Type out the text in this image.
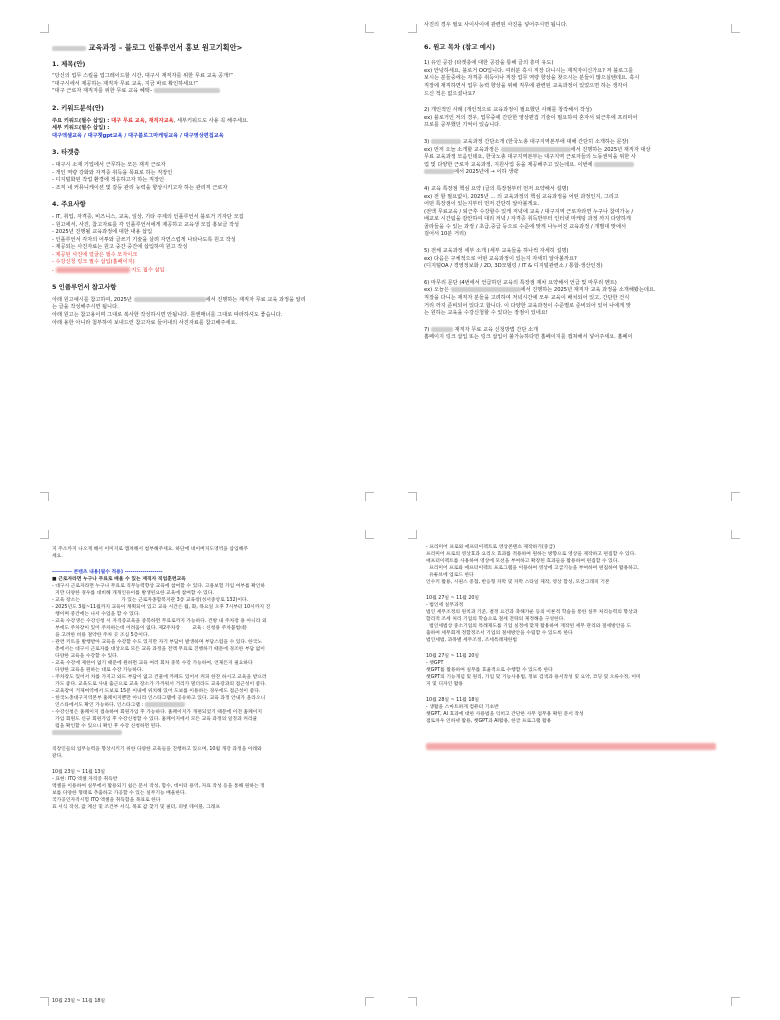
교육과정 – 블로그 인플루언서 홍보 원고기획안>
1. 제목(안)
“당신의 업무 스킬을 업그레이드할 시간, 대구시 재직자를 위한 무료 교육 공개!”
“대구시에서 제공하는 재직자 무료 교육, 지금 바로 확인하세요!”
“대구 근로자 재직자를 위한 무료 교육 혜택–
2. 키워드분석(안)
주요 키워드(필수 삽입) : 대구 무료 교육, 재직자교육, 세부키워드도 사용 꼭 해주세요.
세부 키워드(필수 삽입) :
대구엑셀교육 / 대구챗gpt교육 / 대구블로그마케팅교육 / 대구영상편집교육
3. 타겟층
- 대구시 소재 기업에서 근무하는 모든 재직 근로자
- 개인 역량 강화와 자격증 취득을 목표로 하는 직장인
- 디지털화된 작업 환경에 적응하고자 하는 직장인
- 조직 내 커뮤니케이션 및 갈등 관리 능력을 향상시키고자 하는 관리직 근로자
4. 주요사항
- IT, 취업, 자격증, 비즈니스, 교육, 일상, 기타 주제의 인플루언서 블로거 기자단 모집
- 원고에서, 사진, 참고자료를 각 인플루언서에게 제공하고 교육생 모집 홍보글 작성
- 2025년 진행될 교육과정에 대한 내용 삽입
- 인플루언서 각자의 어투와 글쓰기 기술을 살려 자연스럽게 나타나도록 원고 작성
- 제공되는 사진자료는 원고 중간 중간에 삽입하여 원고 작성
- 제공된 사진에 얼굴은 필수 모자이크
- 수강신청 링크 필수 삽입(홈페이지)
-	지도 필수 삽입
5 인플루언서 참고사항
아래 원고예시를 참고하여, 2025년	에서 진행하는 재직자 무료 교육 과정을 알리
는 글을 작성해주시면 됩니다.
아래 원고는 참고용이며 그대로 복사한 작성하시면 안됩니다. 톤앤매너를 그대로 따라하셔도 좋습니다.
아래 용한 아니라 첨부하여 보내드린 참고자료 들어내의 사진자료를 참고해주세요.
사진의 경우 필요 사이사이에 관련된 사진을 넣어주시면 됩니다.
6. 원고 목차 (참고 예시)
1) 유인 공감 (타겟층에 대한 공감을 통해 글의 흥미 유도)
ex) 안녕하세요, 블로거 OO입니다. 여러분 혹시 직장 다니시는 재직자이신가요? 저 블로그를
보시는 분들중에는 자격증 취득이나 직장 업무 역량 향상을 찾으시는 분들이 많으실텐데요. 혹시
직장에 재직하면서 업무 능력 향상을 위해 직무에 관련된 교육과정이 있었으면 하는 생각이
드신 적은 없으셨나요?
2) 개인적인 사례 (개인적으로 교육과정이 필요했던 사례를 창작해서 작성)
ex) 블로거인 저의 경우, 업무중에 간단한 영상편집 기술이 필요하여 혼자서 퇴근후에 프리미어
프로를 공부했던 기억이 있습니다.
3)	교육과정 간단소개 (한국노총 대구지역본부에 대해 간단히 소개하는 문장)
ex) 먼저 오늘 소개할 교육과정은	에서 진행하는 2025년 재직자 대상
무료 교육과정 모음인데요, 한국노총 대구지역본부는 대구지역 근로자들의 노동권익을 위한 사
업 및 다양한 근로자 교육과정, 지원사업 등을 제공해주고 있는데요. 이번에
에서 2025년에 → 이하 생략
4) 교육 특장점 핵심 요약 (글의 특장점부터 먼저 요약해서 설명)
ex) 전 할 필요없이, 2025년 ... 의 교육과정의 핵심 교육과정을 어떤 과정인지, 그리고
어떤 특장점이 있는지부터 먼저 간단히 알아볼게요.
(전액 무료교육 / 퇴근후 수강할수 있게 저녁에 교육 / 대구지역 근로자라면 누구나 참여가능 /
배교로 시간팀을 감안하여 대리 저녁 / 자격증 취득반부터 인터넷 마케팅 과정 까지 다양하게
골라들을 수 있는 과정 / 초급,중급 등으로 수준에 맞게 나누어진 교육과정 / 개별대 맞에서
걸어서 10분 거리)
5) 전체 교육과정 세부 소개 (세부 교육들을 하나씩 자세히 설명)
ex) 다음은 구체적으로 어떤 교육과정이 있는지 자세히 알아볼까요?
(디지털OA / 경영정보화 / 2D, 3D모델링 / IT & 디지털관련소 / 통합·생산인정)
6) 마무리 문단 (4번에서 언급하던 교육의 특장점 재차 요약해서 언급 및 마무리 멘트)
ex) 오늘은	에서 진행하는 2025년 재직자 교육 과정을 소개해봤는데요.
직장을 다니는 재직자 분들을 고려하여 저녁시간에 모두 교육이 배치되어 있고, 간단한 건식
거리 까지 준비되어 있다고 합니다. 이 다양한 교육과정이 수준별로 준비되어 있어 나에게 맞
는 원하는 교육을 수강신청할 수 있다는 장점이 있네요!
7)	재직자 무료 교육 신청방법 간단 소개
홈페이지 링크 삽입 또는 링크 삽입이 불가능하다면 홈페이지를 캡쳐해서 넣어주세요. 홈페이
지 주소까지 나오게 해서 이미지로 캡쳐해서 첨부해주세요. 하단에 네이버지도영역을 삽입해주
세요.
---------- 콘텐츠 내용(필수 적용) -------------------
■ 근로자라면 누구나 무료로 배울 수 있는 재직자 직업훈련교육
- 대구시 근로자라면 누구나 무료로 직무능력향상 교육에 참여할 수 있다. 고용보험 가입 여부를 확인하
지만 다양한 경우를 대비해 개개인유이를 발생된요한 교육에 참여할 수 있다.
- 교육 장소는                           가 있는 근로자종합복지관 3층 교육장(성서중앙로 132)이다.
- 2025년도 3월~11월까지 교육이 계획되어 있고 교육 시간은 월, 화, 목요일 오후 7시부터 10시까지 진
행이며 중간에는 나서 수업을 할 수 있다.
- 교육 수강생은 수강신청 시 자격증교육을 중복하면 무료로까지 가능하다. 건방 내 주차장 용 아니라 외
부에도 주차장이 있어 주차하는데 어려움이 없다. 제2주차장        교육 : 신청용 주차불법대)
을 고려한 비용 절약한 주차 곳 조심 5층이다.
- 관련 키트을 발행받아 교육을 수강할 수도 있지만 자기 부담이 발생하며 부담스럽을 수 있다. 한국노
총에서는 대구시 근로자를 대상으로 모든 교육 과정을 전액 무료로 진행하기 때문에 경조한 부담 없이
다양한 교육을 수강할 수 있다.
- 교육 수강에 제한이 없기 때문에 원하면 교육 여러 회차 중복 수강 가능하여, 언제든지 필요하다
다양한 교육을 원하는 대로 수강 가능하다.
- 주차장도 있어서 차를 가지고 와도 부담이 없고 건물에 카페도 있어서 커피 한잔 하시고 교육을 받으러
가도 좋다. 교육도로 사내 출근으로 교육 장소가 가까워서 거리가 멀더라도 교육장과의 접근성이 좋다.
- 교육장이 거제여역에서 도보로 15분 이내에 위치해 있어 도보를 이용하는 경우에도 접근성이 좋다.
- 한국노총대구지역본부 홈페이지뿐만 아니라 인스타그램에 공유하고 있다. 교육 과정 안내가 올라오니
인스타에서도 확인 가능하다. 인스타그램 :
- 수강신청은 홈페이지 접속하여 회원가입 후 가능하다. 홈페이지가 개편되었기 때문에 이전 홈페이지
가입 회원도 신규 회원가입 후 수강신청할 수 있다. 홈페이지에서 모든 교육 과정의 일정과 커리큘
럼을 확인할 수 있으니 확인 후 수강 신청하면 된다.
직장인들의 업무능력을 향상시키기 위한 다양한 교육들을 진행하고 있으며, 10월 개강 과정을 아래와
같다.
10월 23일 ~ 11월 13일
- 표현: ITQ 엑셀 자격증 취득반
엑셀을 이용하여 실무에서 활용되기 쉽은 문서 작성, 함수, 데이터 용역, 자료 작성 등을 통해 원하는 정
보를 다양한 형태로 추출하고 가공할 수 있는 실무기능 배울한다.
국가공인자격시험 ITQ 엑셀을 취득함을 목표로 한다
표 서식 작성, 값 계산 및 조건부 서식, 목표 값 찾기 및 필터, 피벗 테이블, 그래프
10월 23일 ~ 11월 18일
- 프리미어 프로와 애프터이펙트로 영상콘텐츠 제작하기(중급)
프리미어 프로의 영상효과 요리오 효과를 적용하여 원하는 방향으로 영상을 제작하고 편집할 수 있다.
애프터이펙트를 사용하여 영상에 모션을 부여하고 확장된 효과들을 활용하여 편집할 수 있다.
프리미어 프로와 애프터이펙트 프로그램을 이용하여 영상에 고급기능을 부여하여 편집하여 활용하고,
유튜브에 업로드 한다
인수키 활용, 시퀀스 중첩, 반응형 자막 및 자막 스타일 제작, 영상 합성, 모션그래픽 기본
10월 27일 ~ 11월 20일
- 법인세 실무과정
법인 세무조정의 원칙과 기준, 결정 요건과 축해가운 등의 이론적 학습을 통한 실무 처리능력의 향상과
합리적 조세 처리 기업의 학습으로 절세 전략의 제정해을 구성한다.
법인세법상 중소기업의 특례제도를 기업 실정에 맞게 활용하여 재작된 세무 관리와 절세방안을 도
출하여 세무회계 정합정조서 기업의 절세방안을 수립할 수 있도록 한다
법인세법, 과목별 세무조정, 조세특례제한법
10월 27일 ~ 11월 20일
- 챗GPT
챗GPT를 활용하여 실무를 효율적으로 수행할 수 있도록 한다
챗GPT의 기능개념 및 원리, 가입 및 기능사용법, 정보 검색과 용서작성 및 요약, 코딩 및 오류수정, 이미
지 및 디자인 활용
10월 28일 ~ 11월 18일
- 생활을 스마트하게 컴퓨터 기초반
챗GPT, AI 효과에 대한 사용법을 익히고 간단한 사무 업무용 확된 문서 작성
점토차우 인하넷 활용, 챗GPT과 AI활용, 한글 프로그램 활용
